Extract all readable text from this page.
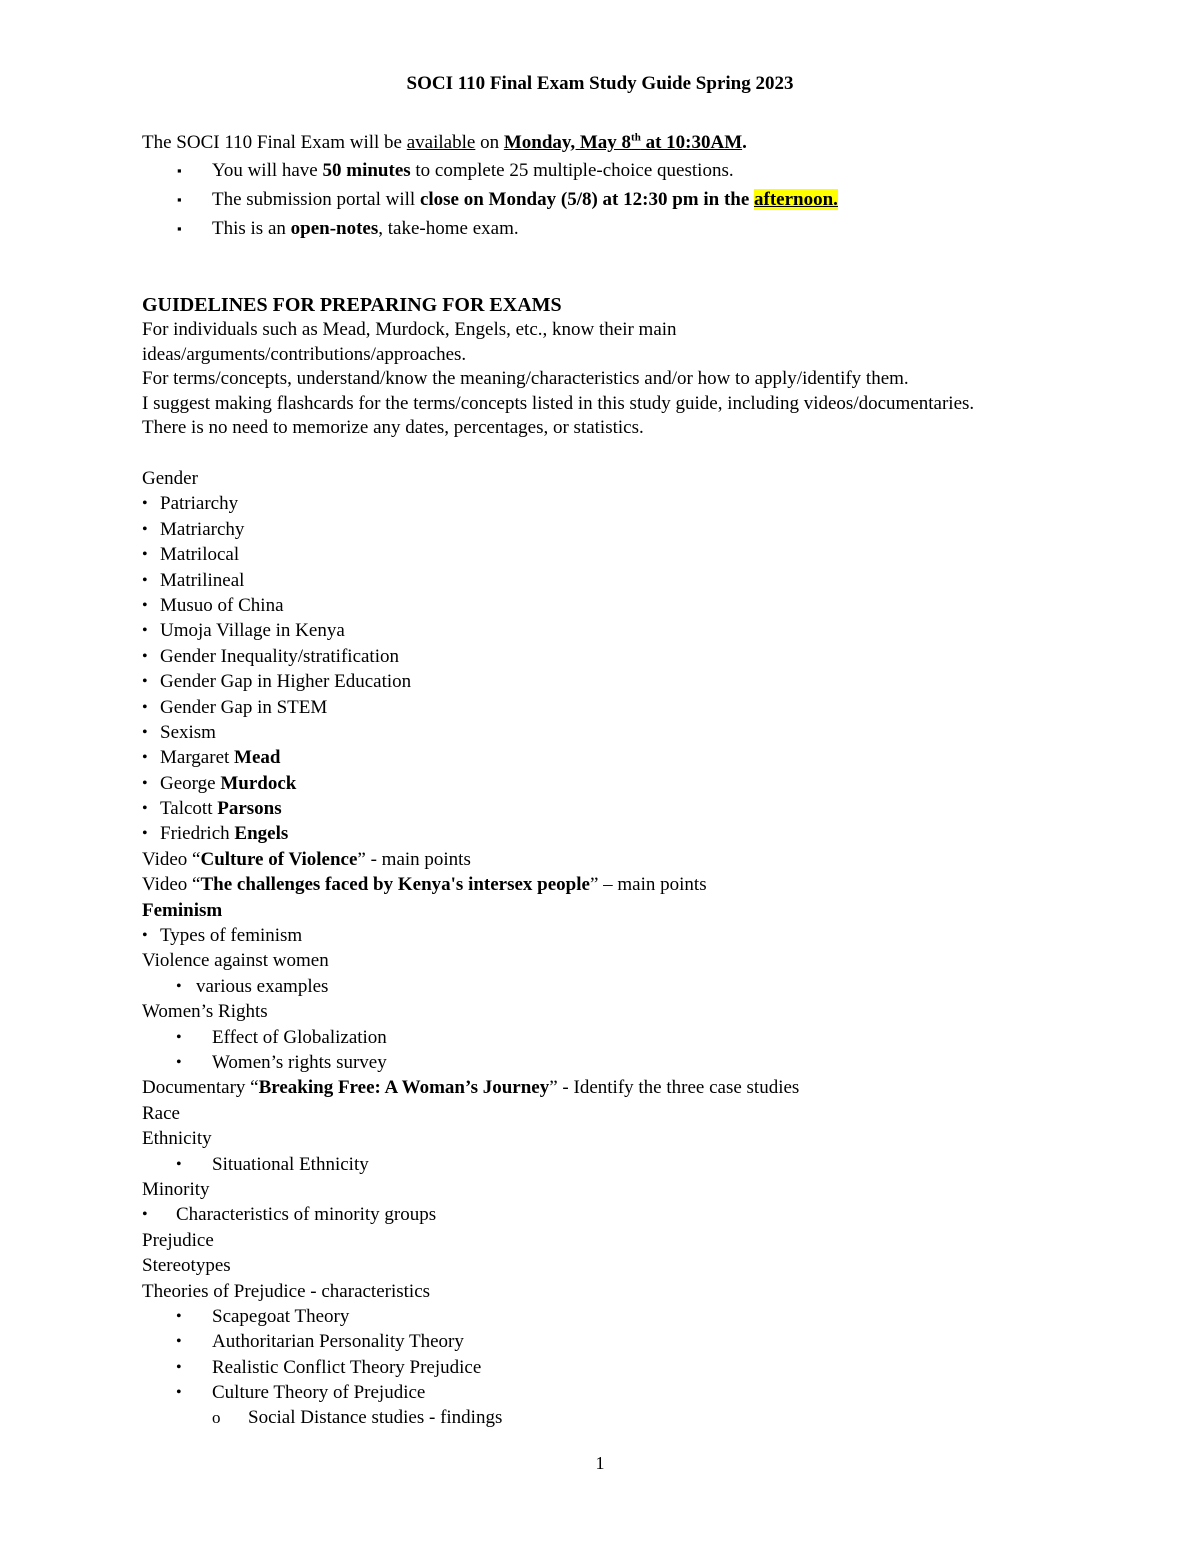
SOCI 110 Final Exam Study Guide Spring 2023
The SOCI 110 Final Exam will be available on Monday, May 8th at 10:30AM.
▪ You will have 50 minutes to complete 25 multiple-choice questions.
▪ The submission portal will close on Monday (5/8) at 12:30 pm in the afternoon.
▪ This is an open-notes, take-home exam.
GUIDELINES FOR PREPARING FOR EXAMS
For individuals such as Mead, Murdock, Engels, etc., know their main
ideas/arguments/contributions/approaches.
For terms/concepts, understand/know the meaning/characteristics and/or how to apply/identify them.
I suggest making flashcards for the terms/concepts listed in this study guide, including videos/documentaries.
There is no need to memorize any dates, percentages, or statistics.
Gender
• Patriarchy
• Matriarchy
• Matrilocal
• Matrilineal
• Musuo of China
• Umoja Village in Kenya
• Gender Inequality/stratification
• Gender Gap in Higher Education
• Gender Gap in STEM
• Sexism
• Margaret Mead
• George Murdock
• Talcott Parsons
• Friedrich Engels
Video “Culture of Violence” - main points
Video “The challenges faced by Kenya's intersex people” – main points
Feminism
• Types of feminism
Violence against women
• various examples
Women’s Rights
• Effect of Globalization
• Women’s rights survey
Documentary “Breaking Free: A Woman’s Journey” - Identify the three case studies
Race
Ethnicity
• Situational Ethnicity
Minority
• Characteristics of minority groups
Prejudice
Stereotypes
Theories of Prejudice - characteristics
• Scapegoat Theory
• Authoritarian Personality Theory
• Realistic Conflict Theory Prejudice
• Culture Theory of Prejudice
o Social Distance studies - findings
1
